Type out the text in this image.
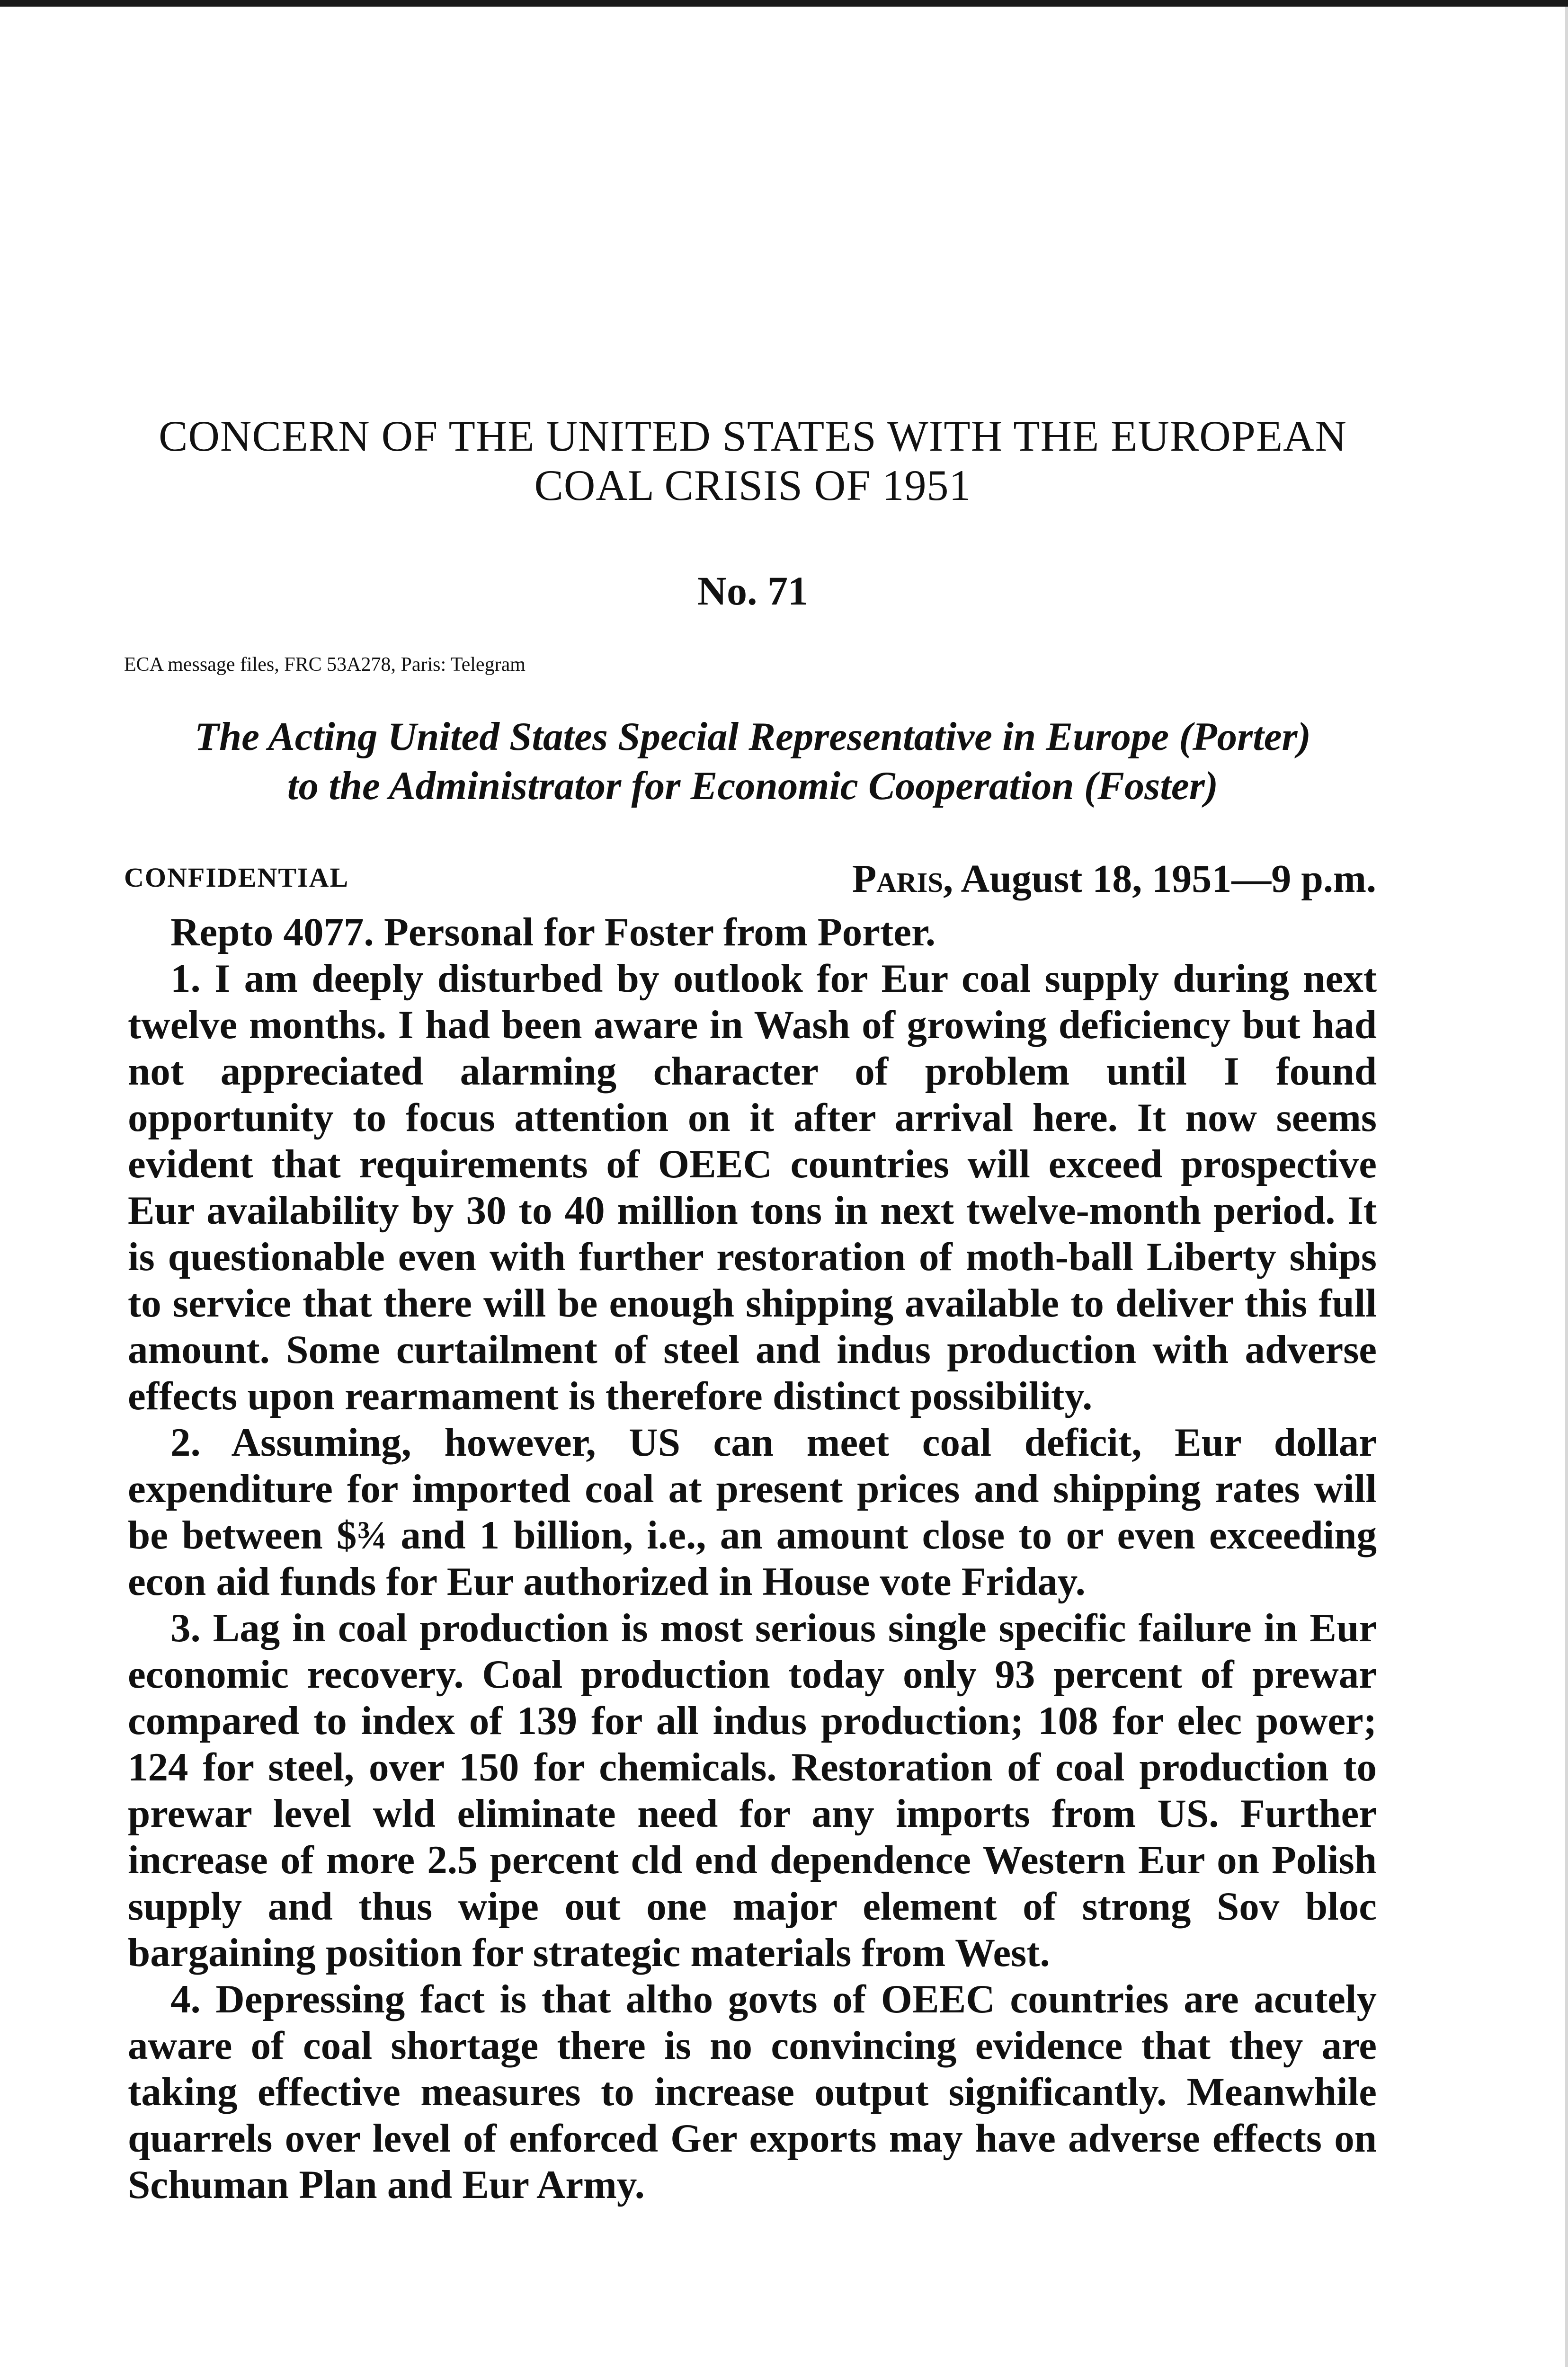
CONCERN OF THE UNITED STATES WITH THE EUROPEAN
COAL CRISIS OF 1951
No. 71
ECA message files, FRC 53A278, Paris: Telegram
The Acting United States Special Representative in Europe (Porter)
to the Administrator for Economic Cooperation (Foster)
CONFIDENTIAL	Paris, August 18, 1951—9 p.m.

Repto 4077. Personal for Foster from Porter.

1. I am deeply disturbed by outlook for Eur coal supply during next twelve months. I had been aware in Wash of growing deficiency but had not appreciated alarming character of problem until I found opportunity to focus attention on it after arrival here. It now seems evident that requirements of OEEC countries will exceed prospective Eur availability by 30 to 40 million tons in next twelve-month period. It is questionable even with further restoration of moth-ball Liberty ships to service that there will be enough shipping available to deliver this full amount. Some curtailment of steel and indus production with adverse effects upon rearmament is therefore distinct possibility.

2. Assuming, however, US can meet coal deficit, Eur dollar expenditure for imported coal at present prices and shipping rates will be between $¾ and 1 billion, i.e., an amount close to or even exceeding econ aid funds for Eur authorized in House vote Friday.

3. Lag in coal production is most serious single specific failure in Eur economic recovery. Coal production today only 93 percent of prewar compared to index of 139 for all indus production; 108 for elec power; 124 for steel, over 150 for chemicals. Restoration of coal production to prewar level wld eliminate need for any imports from US. Further increase of more 2.5 percent cld end dependence Western Eur on Polish supply and thus wipe out one major element of strong Sov bloc bargaining position for strategic materials from West.

4. Depressing fact is that altho govts of OEEC countries are acutely aware of coal shortage there is no convincing evidence that they are taking effective measures to increase output significantly. Meanwhile quarrels over level of enforced Ger exports may have adverse effects on Schuman Plan and Eur Army.
